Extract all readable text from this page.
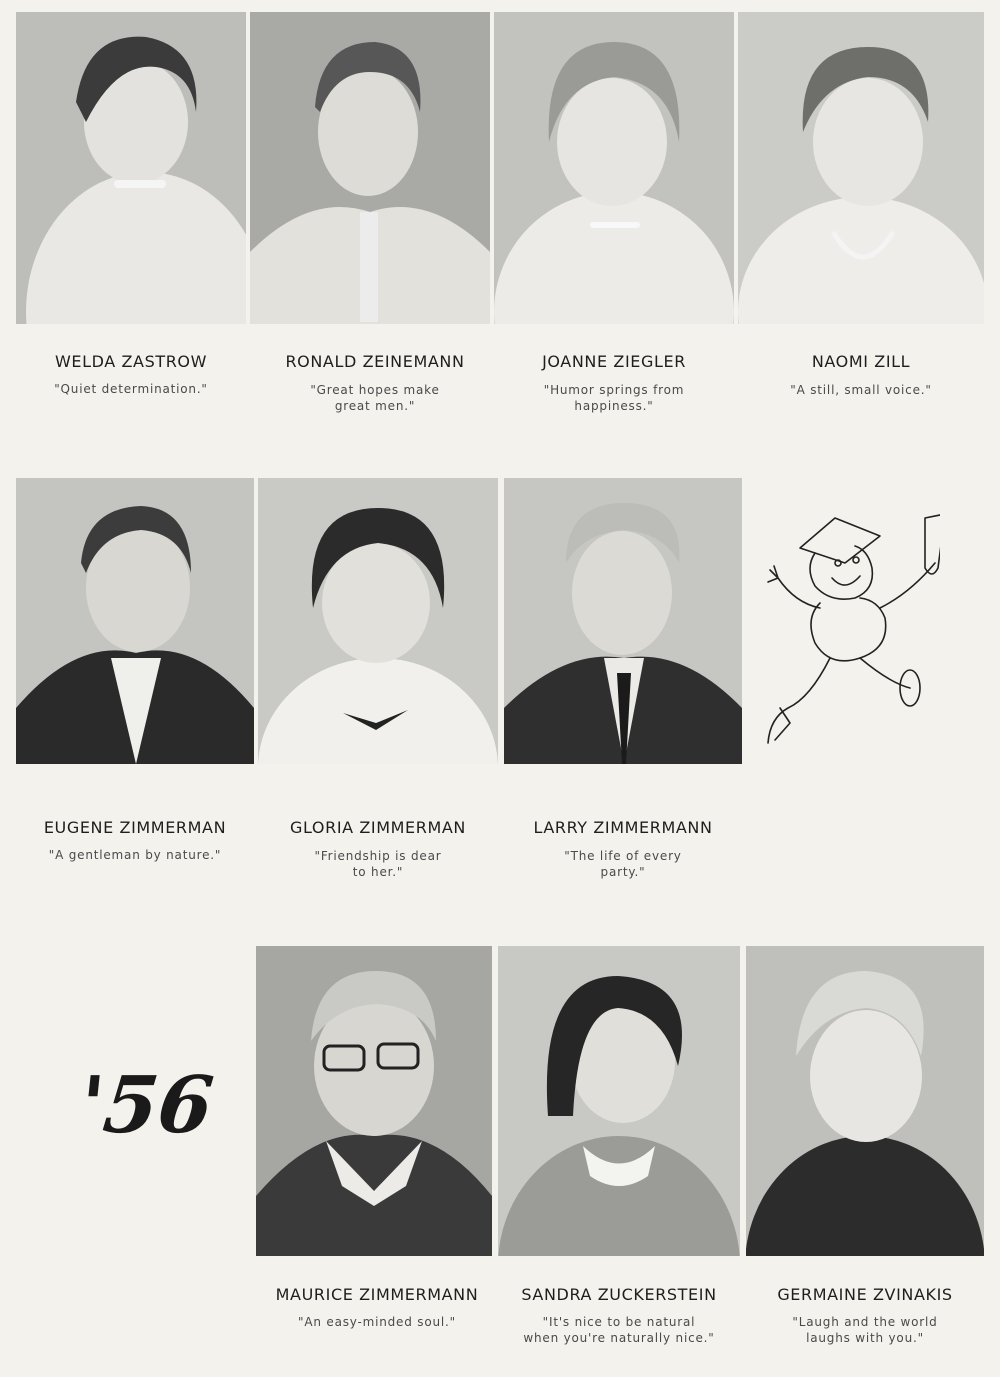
WELDA ZASTROW
"Quiet determination."
RONALD ZEINEMANN
"Great hopes make
great men."
JOANNE ZIEGLER
"Humor springs from
happiness."
NAOMI ZILL
"A still, small voice."
EUGENE ZIMMERMAN
"A gentleman by nature."
GLORIA ZIMMERMAN
"Friendship is dear
to her."
LARRY ZIMMERMANN
"The life of every
party."
'56
MAURICE ZIMMERMANN
"An easy-minded soul."
SANDRA ZUCKERSTEIN
"It's nice to be natural
when you're naturally nice."
GERMAINE ZVINAKIS
"Laugh and the world
laughs with you."
